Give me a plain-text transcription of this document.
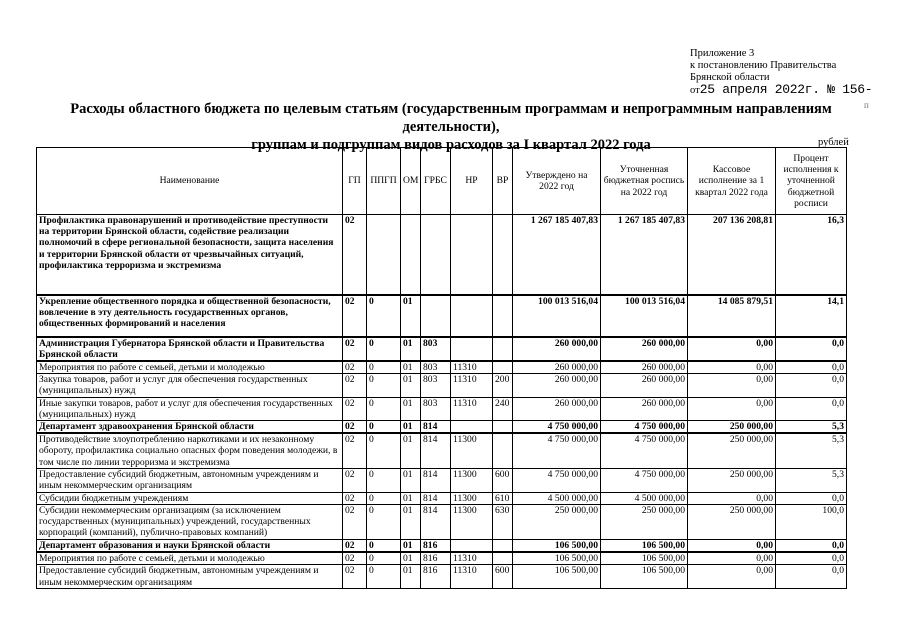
Приложение 3
к постановлению Правительства
Брянской области
от25 апреля 2022г. № 156-
п
Расходы областного бюджета по целевым статьям (государственным программам и непрограммным направлениям деятельности),
группам и подгруппам видов расходов за I квартал 2022 года	рублей
Наименование	ГП	ППГП	ОМ	ГРБС	НР	ВР	Утверждено на 2022 год	Уточненная бюджетная роспись на 2022 год	Кассовое исполнение за 1 квартал 2022 года	Процент исполнения к уточненной бюджетной росписи
Профилактика правонарушений и противодействие преступности на территории Брянской области, содействие реализации полномочий в сфере региональной безопасности, защита населения и территории Брянской области от чрезвычайных ситуаций, профилактика терроризма и экстремизма	02						1 267 185 407,83	1 267 185 407,83	207 136 208,81	16,3
Укрепление общественного порядка и общественной безопасности, вовлечение в эту деятельность государственных органов, общественных формирований и населения	02	0	01				100 013 516,04	100 013 516,04	14 085 879,51	14,1
Администрация Губернатора Брянской области и Правительства Брянской области	02	0	01	803			260 000,00	260 000,00	0,00	0,0
Мероприятия по работе с семьей, детьми и молодежью	02	0	01	803	11310		260 000,00	260 000,00	0,00	0,0
Закупка товаров, работ и услуг для обеспечения государственных (муниципальных) нужд	02	0	01	803	11310	200	260 000,00	260 000,00	0,00	0,0
Иные закупки товаров, работ и услуг для обеспечения государственных (муниципальных) нужд	02	0	01	803	11310	240	260 000,00	260 000,00	0,00	0,0
Департамент здравоохранения Брянской области	02	0	01	814			4 750 000,00	4 750 000,00	250 000,00	5,3
Противодействие злоупотреблению наркотиками и их незаконному обороту, профилактика социально опасных форм поведения молодежи, в том числе по линии терроризма и экстремизма	02	0	01	814	11300		4 750 000,00	4 750 000,00	250 000,00	5,3
Предоставление субсидий бюджетным, автономным учреждениям и иным некоммерческим организациям	02	0	01	814	11300	600	4 750 000,00	4 750 000,00	250 000,00	5,3
Субсидии бюджетным учреждениям	02	0	01	814	11300	610	4 500 000,00	4 500 000,00	0,00	0,0
Субсидии некоммерческим организациям (за исключением государственных (муниципальных) учреждений, государственных корпораций (компаний), публично-правовых компаний)	02	0	01	814	11300	630	250 000,00	250 000,00	250 000,00	100,0
Департамент образования и науки Брянской области	02	0	01	816			106 500,00	106 500,00	0,00	0,0
Мероприятия по работе с семьей, детьми и молодежью	02	0	01	816	11310		106 500,00	106 500,00	0,00	0,0
Предоставление субсидий бюджетным, автономным учреждениям и иным некоммерческим организациям	02	0	01	816	11310	600	106 500,00	106 500,00	0,00	0,0
